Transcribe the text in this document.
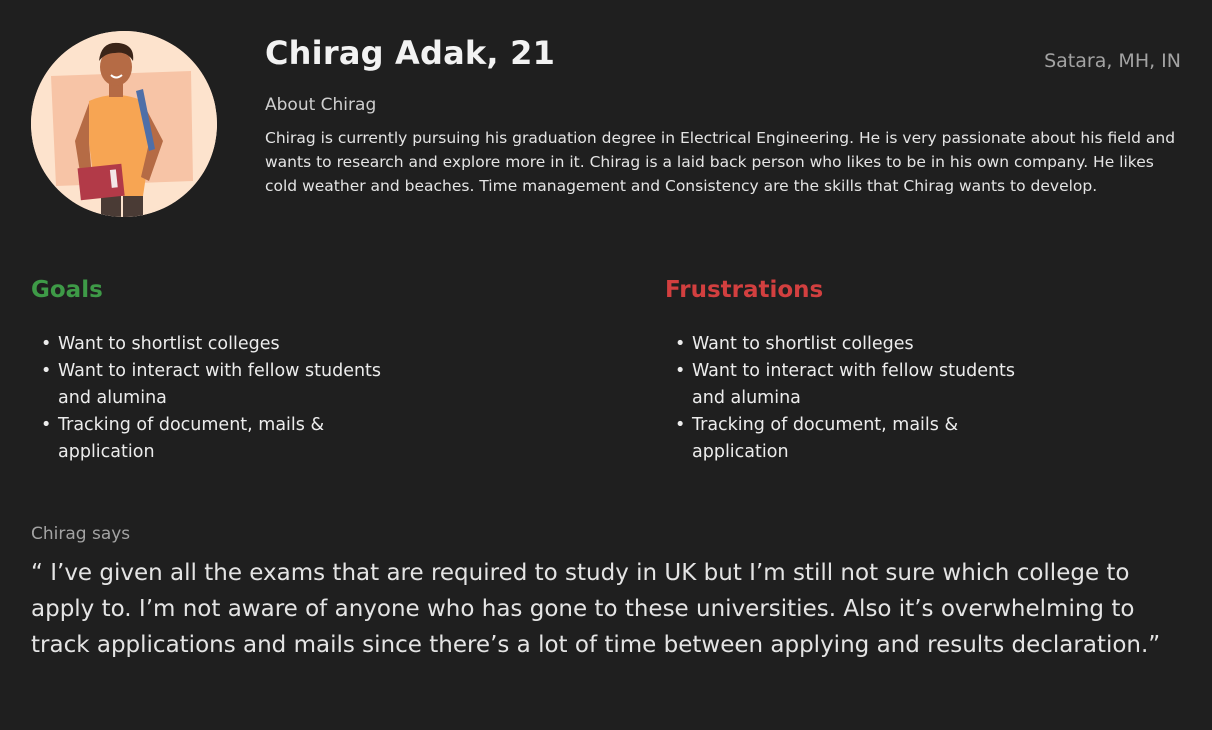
Chirag Adak, 21	Satara, MH, IN
About Chirag

Chirag is currently pursuing his graduation degree in Electrical Engineering. He is very passionate about his field and wants to research and explore more in it. Chirag is a laid back person who likes to be in his own company. He likes cold weather and beaches. Time management and Consistency are the skills that Chirag wants to develop.

Goals
• Want to shortlist colleges
• Want to interact with fellow students and alumina
• Tracking of document, mails & application
Frustrations
• Want to shortlist colleges
• Want to interact with fellow students and alumina
• Tracking of document, mails & application
Chirag says

“ I’ve given all the exams that are required to study in UK but I’m still not sure which college to apply to. I’m not aware of anyone who has gone to these universities. Also it’s overwhelming to track applications and mails since there’s a lot of time between applying and results declaration.”
